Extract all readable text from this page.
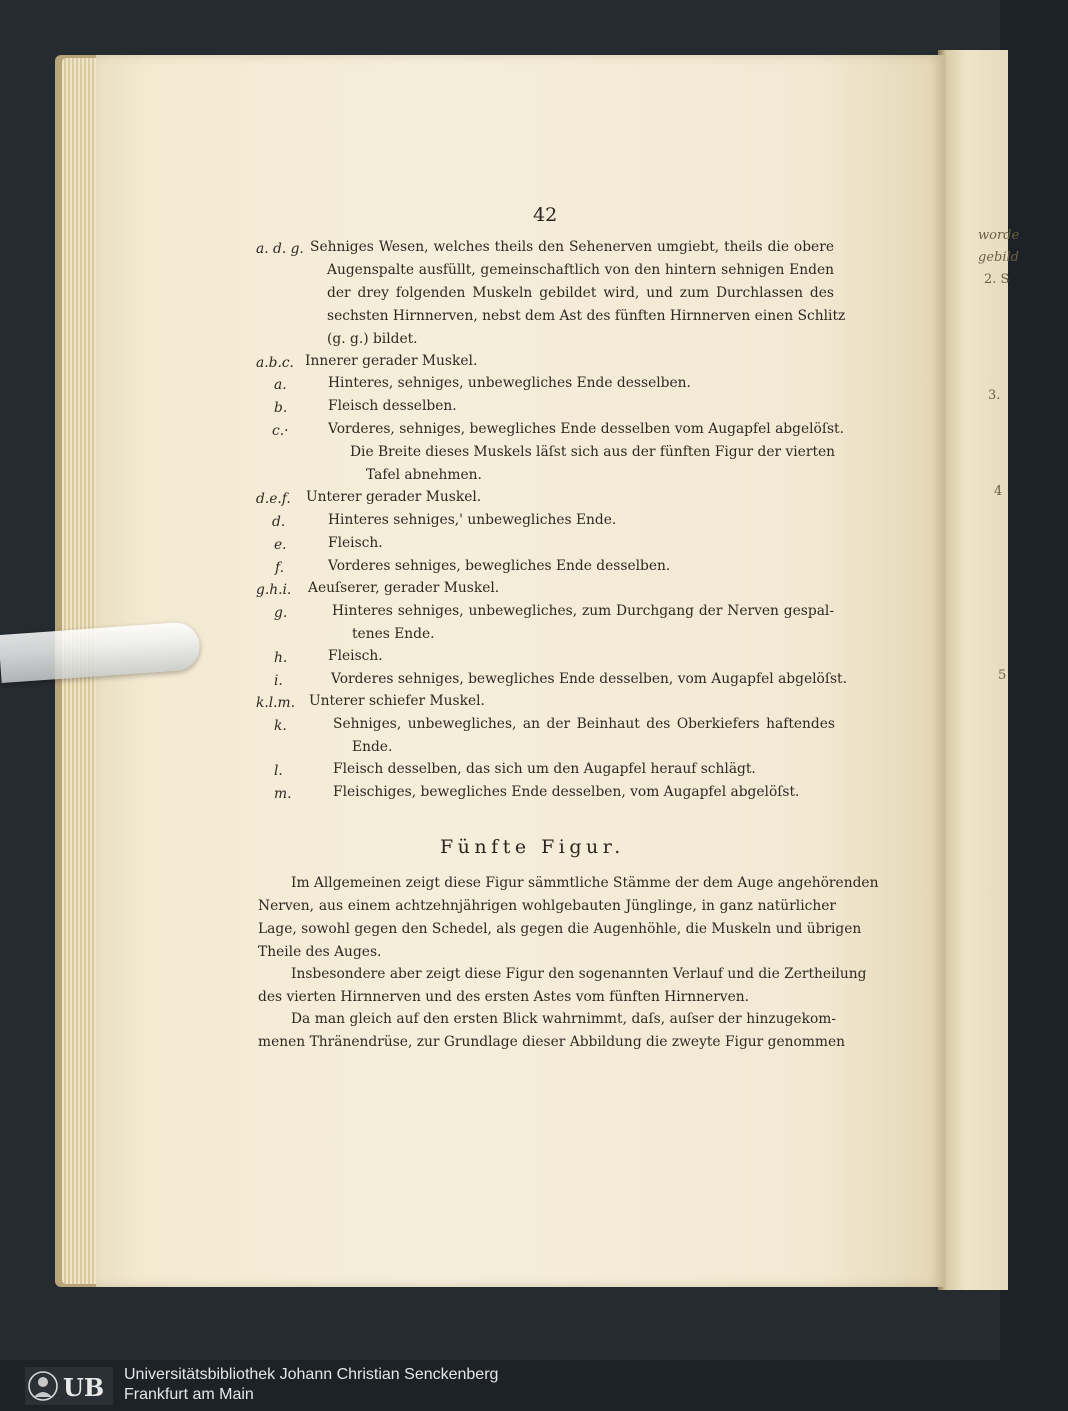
worde
gebild
2. S
3.
4
5
42
a. d. g. Sehniges Wesen, welches theils den Sehenerven umgiebt, theils die obere
Augenspalte ausfüllt, gemeinschaftlich von den hintern sehnigen Enden
der drey folgenden Muskeln gebildet wird, und zum Durchlassen des
sechsten Hirnnerven, nebst dem Ast des fünften Hirnnerven einen Schlitz
(g. g.) bildet.
a.b.c. Innerer gerader Muskel.
a.	Hinteres, sehniges, unbewegliches Ende desselben.
b.	Fleisch desselben.
c.·	Vorderes, sehniges, bewegliches Ende desselben vom Augapfel abgelöſst.
Die Breite dieses Muskels läſst sich aus der fünften Figur der vierten
Tafel abnehmen.
d.e.f. Unterer gerader Muskel.
d.	Hinteres sehniges,' unbewegliches Ende.
e.	Fleisch.
f.	Vorderes sehniges, bewegliches Ende desselben.
g.h.i. Aeuſserer, gerader Muskel.
g.	Hinteres sehniges, unbewegliches, zum Durchgang der Nerven gespal-
tenes Ende.
h.	Fleisch.
i.	Vorderes sehniges, bewegliches Ende desselben, vom Augapfel abgelöſst.
k.l.m. Unterer schiefer Muskel.
k.	Sehniges, unbewegliches, an der Beinhaut des Oberkiefers haftendes
Ende.
l.	Fleisch desselben, das sich um den Augapfel herauf schlägt.
m.	Fleischiges, bewegliches Ende desselben, vom Augapfel abgelöſst.
Fünfte Figur.
Im Allgemeinen zeigt diese Figur sämmtliche Stämme der dem Auge angehörenden
Nerven, aus einem achtzehnjährigen wohlgebauten Jünglinge, in ganz natürlicher
Lage, sowohl gegen den Schedel, als gegen die Augenhöhle, die Muskeln und übrigen
Theile des Auges.
Insbesondere aber zeigt diese Figur den sogenannten Verlauf und die Zertheilung
des vierten Hirnnerven und des ersten Astes vom fünften Hirnnerven.
Da man gleich auf den ersten Blick wahrnimmt, daſs, auſser der hinzugekom-
menen Thränendrüse, zur Grundlage dieser Abbildung die zweyte Figur genommen
UB Universitätsbibliothek Johann Christian Senckenberg
Frankfurt am Main
